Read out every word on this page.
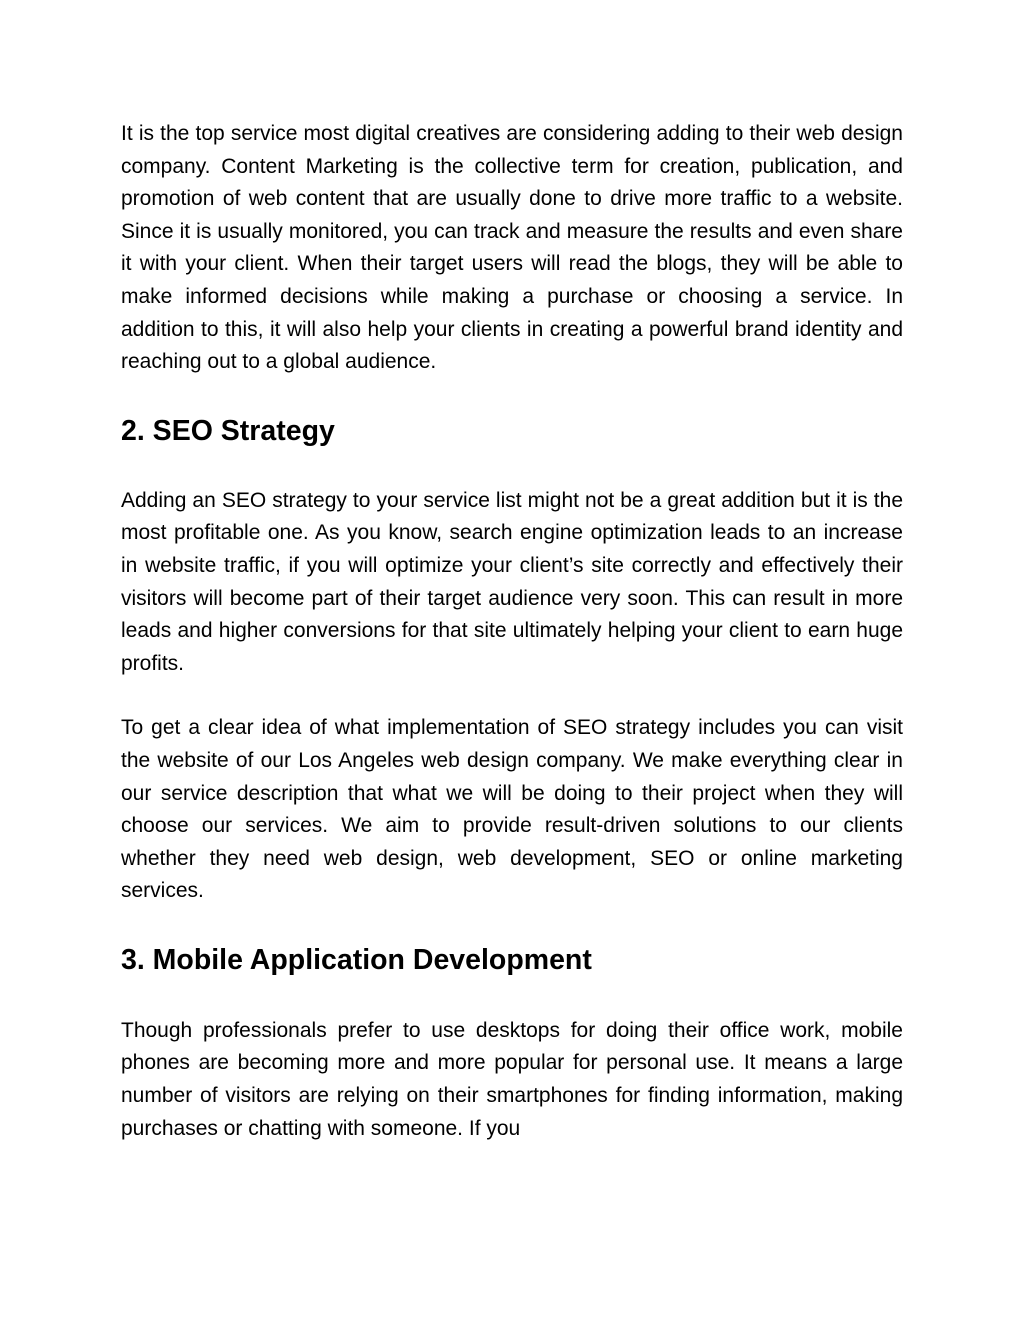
It is the top service most digital creatives are considering adding to their web design company. Content Marketing is the collective term for creation, publication, and promotion of web content that are usually done to drive more traffic to a website. Since it is usually monitored, you can track and measure the results and even share it with your client. When their target users will read the blogs, they will be able to make informed decisions while making a purchase or choosing a service. In addition to this, it will also help your clients in creating a powerful brand identity and reaching out to a global audience.

2. SEO Strategy

Adding an SEO strategy to your service list might not be a great addition but it is the most profitable one. As you know, search engine optimization leads to an increase in website traffic, if you will optimize your client’s site correctly and effectively their visitors will become part of their target audience very soon. This can result in more leads and higher conversions for that site ultimately helping your client to earn huge profits.

To get a clear idea of what implementation of SEO strategy includes you can visit the website of our Los Angeles web design company. We make everything clear in our service description that what we will be doing to their project when they will choose our services. We aim to provide result-driven solutions to our clients whether they need web design, web development, SEO or online marketing services.

3. Mobile Application Development

Though professionals prefer to use desktops for doing their office work, mobile phones are becoming more and more popular for personal use. It means a large number of visitors are relying on their smartphones for finding information, making purchases or chatting with someone. If you
